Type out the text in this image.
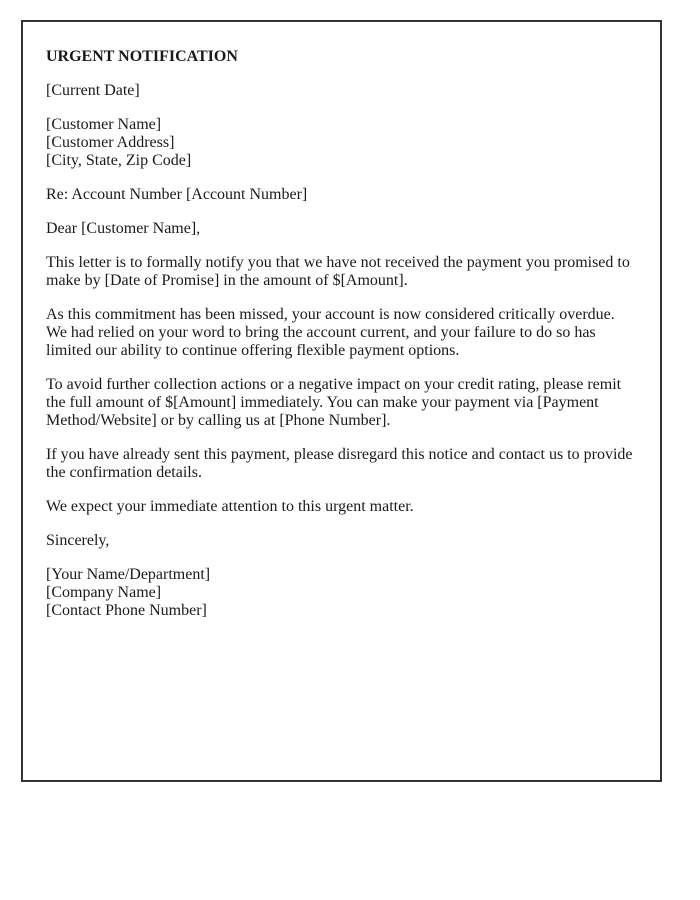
URGENT NOTIFICATION

[Current Date]

[Customer Name]
[Customer Address]
[City, State, Zip Code]

Re: Account Number [Account Number]

Dear [Customer Name],

This letter is to formally notify you that we have not received the payment you promised to make by [Date of Promise] in the amount of $[Amount].

As this commitment has been missed, your account is now considered critically overdue. We had relied on your word to bring the account current, and your failure to do so has limited our ability to continue offering flexible payment options.

To avoid further collection actions or a negative impact on your credit rating, please remit the full amount of $[Amount] immediately. You can make your payment via [Payment Method/Website] or by calling us at [Phone Number].

If you have already sent this payment, please disregard this notice and contact us to provide the confirmation details.

We expect your immediate attention to this urgent matter.

Sincerely,

[Your Name/Department]
[Company Name]
[Contact Phone Number]
